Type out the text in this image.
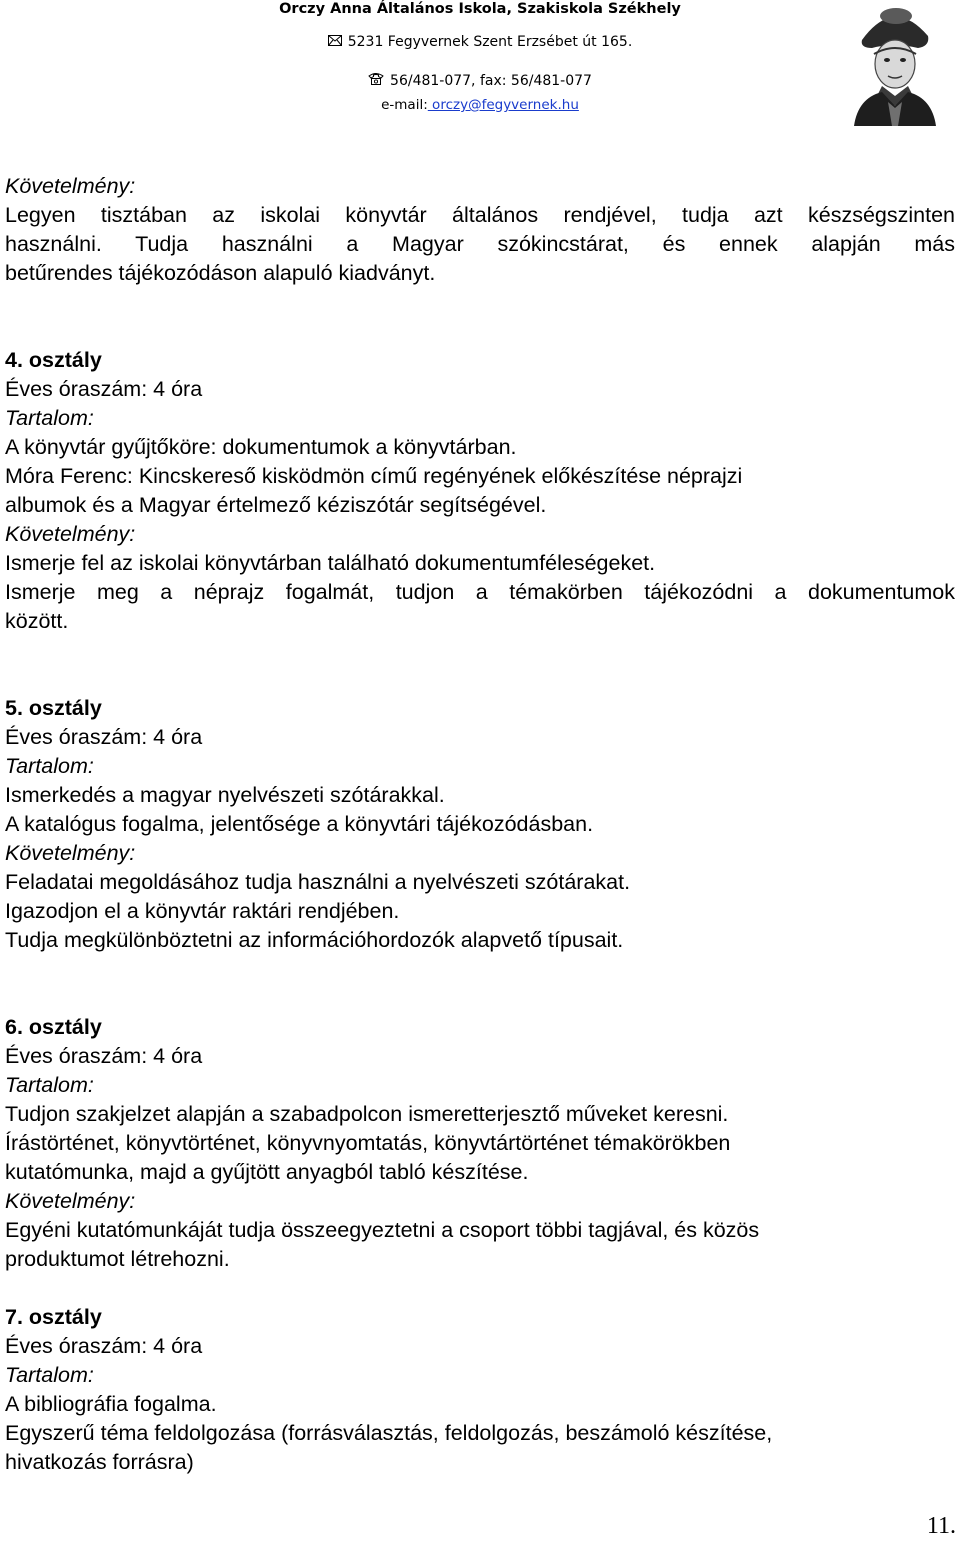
Orczy Anna Általános Iskola, Szakiskola Székhely
5231 Fegyvernek Szent Erzsébet út 165.
56/481-077, fax: 56/481-077
e-mail: orczy@fegyvernek.hu
Követelmény:
Legyen tisztában az iskolai könyvtár általános rendjével, tudja azt készségszinten
használni. Tudja használni a Magyar szókincstárat, és ennek alapján más
betűrendes tájékozódáson alapuló kiadványt.
4. osztály
Éves óraszám: 4 óra
Tartalom:
A könyvtár gyűjtőköre: dokumentumok a könyvtárban.
Móra Ferenc: Kincskereső kisködmön című regényének előkészítése néprajzi
albumok és a Magyar értelmező kéziszótár segítségével.
Követelmény:
Ismerje fel az iskolai könyvtárban található dokumentumféleségeket.
Ismerje meg a néprajz fogalmát, tudjon a témakörben tájékozódni a dokumentumok
között.
5. osztály
Éves óraszám: 4 óra
Tartalom:
Ismerkedés a magyar nyelvészeti szótárakkal.
A katalógus fogalma, jelentősége a könyvtári tájékozódásban.
Követelmény:
Feladatai megoldásához tudja használni a nyelvészeti szótárakat.
Igazodjon el a könyvtár raktári rendjében.
Tudja megkülönböztetni az információhordozók alapvető típusait.
6. osztály
Éves óraszám: 4 óra
Tartalom:
Tudjon szakjelzet alapján a szabadpolcon ismeretterjesztő műveket keresni.
Írástörténet, könyvtörténet, könyvnyomtatás, könyvtártörténet témakörökben
kutatómunka, majd a gyűjtött anyagból tabló készítése.
Követelmény:
Egyéni kutatómunkáját tudja összeegyeztetni a csoport többi tagjával, és közös
produktumot létrehozni.
7. osztály
Éves óraszám: 4 óra
Tartalom:
A bibliográfia fogalma.
Egyszerű téma feldolgozása (forrásválasztás, feldolgozás, beszámoló készítése,
hivatkozás forrásra)
11.
